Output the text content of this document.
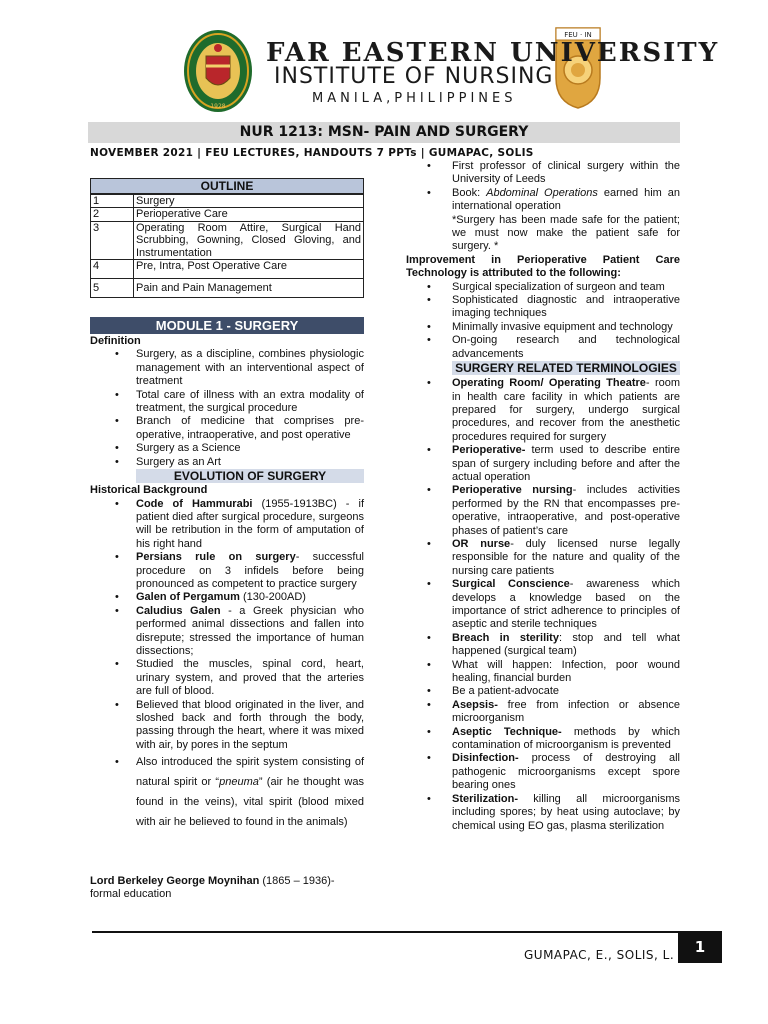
1928
FEU · IN
FAR EASTERN UNIVERSITY
INSTITUTE OF NURSING
MANILA,PHILIPPINES
NUR 1213: MSN- PAIN AND SURGERY
NOVEMBER 2021 | FEU LECTURES, HANDOUTS 7 PPTs | GUMAPAC, SOLIS
OUTLINE
1	Surgery
2	Perioperative Care
3	Operating Room Attire, Surgical Hand Scrubbing, Gowning, Closed Gloving, and Instrumentation
4	Pre, Intra, Post Operative Care
5	Pain and Pain Management
MODULE 1 - SURGERY
Definition
• Surgery, as a discipline, combines physiologic management with an interventional aspect of treatment
• Total care of illness with an extra modality of treatment, the surgical procedure
• Branch of medicine that comprises pre-operative, intraoperative, and post operative
• Surgery as a Science
• Surgery as an Art
EVOLUTION OF SURGERY
Historical Background
• Code of Hammurabi (1955-1913BC) - if patient died after surgical procedure, surgeons will be retribution in the form of amputation of his right hand
• Persians rule on surgery- successful procedure on 3 infidels before being pronounced as competent to practice surgery
• Galen of Pergamum (130-200AD)
• Caludius Galen - a Greek physician who performed animal dissections and fallen into disrepute; stressed the importance of human dissections;
• Studied the muscles, spinal cord, heart, urinary system, and proved that the arteries are full of blood.
• Believed that blood originated in the liver, and sloshed back and forth through the body, passing through the heart, where it was mixed with air, by pores in the septum
• Also introduced the spirit system consisting of natural spirit or “pneuma” (air he thought was found in the veins), vital spirit (blood mixed with air he believed to found in the animals)
Lord Berkeley George Moynihan (1865 – 1936)- formal education
• First professor of clinical surgery within the University of Leeds
• Book: Abdominal Operations earned him an international operation
*Surgery has been made safe for the patient; we must now make the patient safe for surgery. *
Improvement in Perioperative Patient Care Technology is attributed to the following:
• Surgical specialization of surgeon and team
• Sophisticated diagnostic and intraoperative imaging techniques
• Minimally invasive equipment and technology
• On-going research and technological advancements
SURGERY RELATED TERMINOLOGIES
• Operating Room/ Operating Theatre- room in health care facility in which patients are prepared for surgery, undergo surgical procedures, and recover from the anesthetic procedures required for surgery
• Perioperative- term used to describe entire span of surgery including before and after the actual operation
• Perioperative nursing- includes activities performed by the RN that encompasses pre-operative, intraoperative, and post-operative phases of patient’s care
• OR nurse- duly licensed nurse legally responsible for the nature and quality of the nursing care patients
• Surgical Conscience- awareness which develops a knowledge based on the importance of strict adherence to principles of aseptic and sterile techniques
• Breach in sterility: stop and tell what happened (surgical team)
• What will happen: Infection, poor wound healing, financial burden
• Be a patient-advocate
• Asepsis- free from infection or absence microorganism
• Aseptic Technique- methods by which contamination of microorganism is prevented
• Disinfection- process of destroying all pathogenic microorganisms except spore bearing ones
• Sterilization- killing all microorganisms including spores; by heat using autoclave; by chemical using EO gas, plasma sterilization
GUMAPAC, E., SOLIS, L.	1
